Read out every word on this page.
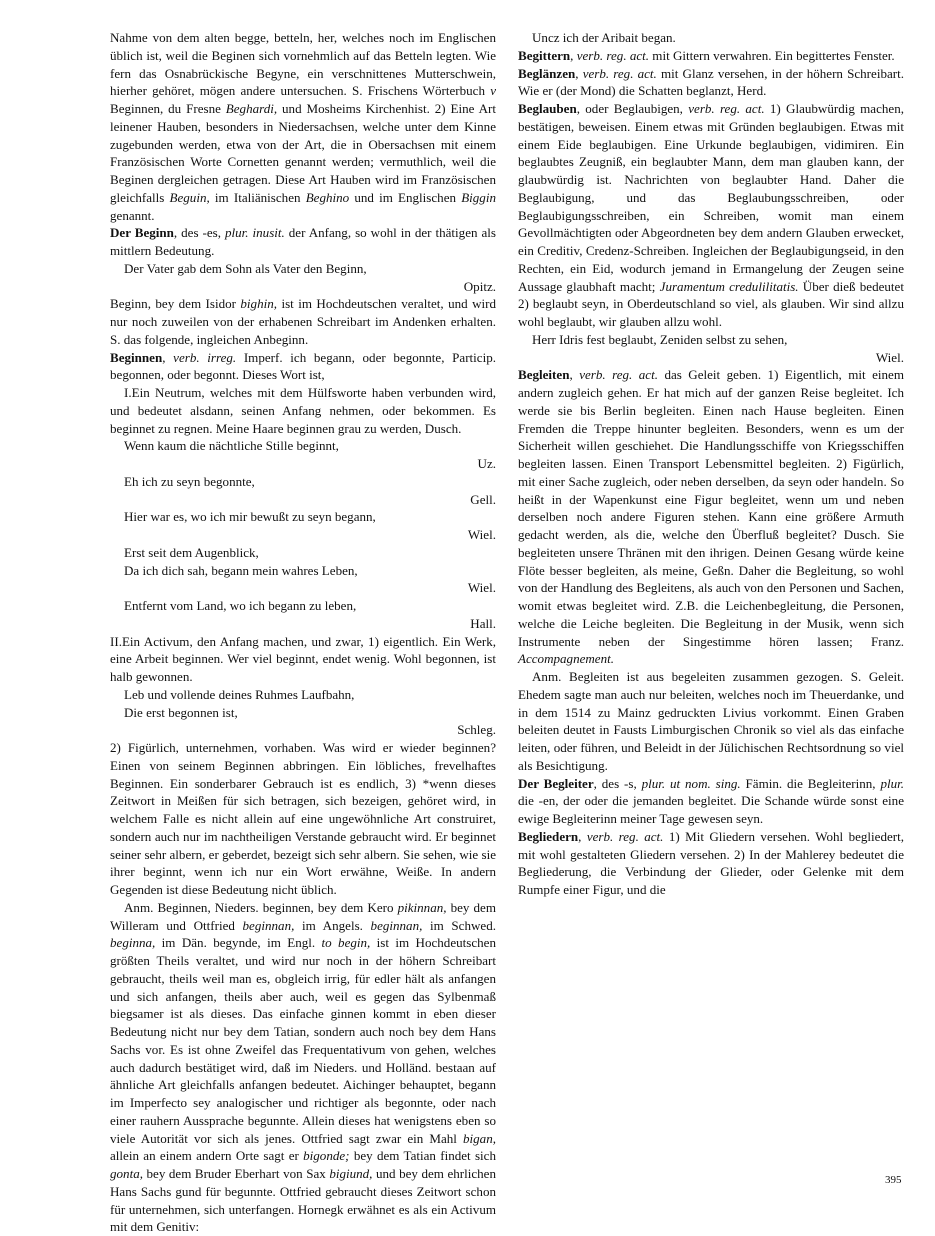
Nahme von dem alten begge, betteln, her, welches noch im Englischen üblich ist, weil die Beginen sich vornehmlich auf das Betteln legten. Wie fern das Osnabrückische Begyne, ein verschnittenes Mutterschwein, hierher gehöret, mögen andere untersuchen. S. Frischens Wörterbuch v Beginnen, du Fresne Beghardi, und Mosheims Kirchenhist. 2) Eine Art leinener Hauben, besonders in Niedersachsen, welche unter dem Kinne zugebunden werden, etwa von der Art, die in Obersachsen mit einem Französischen Worte Cornetten genannt werden; vermuthlich, weil die Beginen dergleichen getragen. Diese Art Hauben wird im Französischen gleichfalls Beguin, im Italiänischen Beghino und im Englischen Biggin genannt.

Der Beginn, des -es, plur. inusit. der Anfang, so wohl in der thätigen als mittlern Bedeutung.

Der Vater gab dem Sohn als Vater den Beginn,
Opitz.

Beginn, bey dem Isidor bighin, ist im Hochdeutschen veraltet, und wird nur noch zuweilen von der erhabenen Schreibart im Andenken erhalten. S. das folgende, ingleichen Anbeginn.

Beginnen, verb. irreg. Imperf. ich begann, oder begonnte, Particip. begonnen, oder begonnt. Dieses Wort ist,

I.Ein Neutrum, welches mit dem Hülfsworte haben verbunden wird, und bedeutet alsdann, seinen Anfang nehmen, oder bekommen. Es beginnet zu regnen. Meine Haare beginnen grau zu werden, Dusch.

Wenn kaum die nächtliche Stille beginnt,
Uz.
Eh ich zu seyn begonnte,
Gell.
Hier war es, wo ich mir bewußt zu seyn begann,
Wiel.
Erst seit dem Augenblick,
Da ich dich sah, begann mein wahres Leben,
Wiel.
Entfernt vom Land, wo ich begann zu leben,
Hall.

II.Ein Activum, den Anfang machen, und zwar, 1) eigentlich. Ein Werk, eine Arbeit beginnen. Wer viel beginnt, endet wenig. Wohl begonnen, ist halb gewonnen.

Leb und vollende deines Ruhmes Laufbahn,
Die erst begonnen ist,
Schleg.

2) Figürlich, unternehmen, vorhaben. Was wird er wieder beginnen? Einen von seinem Beginnen abbringen. Ein löbliches, frevelhaftes Beginnen. Ein sonderbarer Gebrauch ist es endlich, 3) *wenn dieses Zeitwort in Meißen für sich betragen, sich bezeigen, gehöret wird, in welchem Falle es nicht allein auf eine ungewöhnliche Art construiret, sondern auch nur im nachtheiligen Verstande gebraucht wird. Er beginnet seiner sehr albern, er geberdet, bezeigt sich sehr albern. Sie sehen, wie sie ihrer beginnt, wenn ich nur ein Wort erwähne, Weiße. In andern Gegenden ist diese Bedeutung nicht üblich.

Anm. Beginnen, Nieders. beginnen, bey dem Kero pikinnan, bey dem Willeram und Ottfried beginnan, im Angels. beginnan, im Schwed. beginna, im Dän. begynde, im Engl. to begin, ist im Hochdeutschen größten Theils veraltet, und wird nur noch in der höhern Schreibart gebraucht, theils weil man es, obgleich irrig, für edler hält als anfangen und sich anfangen, theils aber auch, weil es gegen das Sylbenmaß biegsamer ist als dieses. Das einfache ginnen kommt in eben dieser Bedeutung nicht nur bey dem Tatian, sondern auch noch bey dem Hans Sachs vor. Es ist ohne Zweifel das Frequentativum von gehen, welches auch dadurch bestätiget wird, daß im Nieders. und Holländ. bestaan auf ähnliche Art gleichfalls anfangen bedeutet. Aichinger behauptet, begann im Imperfecto sey analogischer und richtiger als begonnte, oder nach einer rauhern Aussprache begunnte. Allein dieses hat wenigstens eben so viele Autorität vor sich als jenes. Ottfried sagt zwar ein Mahl bigan, allein an einem andern Orte sagt er bigonde; bey dem Tatian findet sich gonta, bey dem Bruder Eberhart von Sax bigiund, und bey dem ehrlichen Hans Sachs gund für begunnte. Ottfried gebraucht dieses Zeitwort schon für unternehmen, sich unterfangen. Hornegk erwähnet es als ein Activum mit dem Genitiv:

Uncz ich der Aribait began.

Begittern, verb. reg. act. mit Gittern verwahren. Ein begittertes Fenster.

Beglänzen, verb. reg. act. mit Glanz versehen, in der höhern Schreibart. Wie er (der Mond) die Schatten beglanzt, Herd.

Beglauben, oder Beglaubigen, verb. reg. act. 1) Glaubwürdig machen, bestätigen, beweisen. Einem etwas mit Gründen beglaubigen. Etwas mit einem Eide beglaubigen. Eine Urkunde beglaubigen, vidimiren. Ein beglaubtes Zeugniß, ein beglaubter Mann, dem man glauben kann, der glaubwürdig ist. Nachrichten von beglaubter Hand. Daher die Beglaubigung, und das Beglaubungsschreiben, oder Beglaubigungsschreiben, ein Schreiben, womit man einem Gevollmächtigten oder Abgeordneten bey dem andern Glauben erwecket, ein Creditiv, Credenz-Schreiben. Ingleichen der Beglaubigungseid, in den Rechten, ein Eid, wodurch jemand in Ermangelung der Zeugen seine Aussage glaubhaft macht; Juramentum credulilitatis. Über dieß bedeutet 2) beglaubt seyn, in Oberdeutschland so viel, als glauben. Wir sind allzu wohl beglaubt, wir glauben allzu wohl.

Herr Idris fest beglaubt, Zeniden selbst zu sehen,
Wiel.

Begleiten, verb. reg. act. das Geleit geben. 1) Eigentlich, mit einem andern zugleich gehen. Er hat mich auf der ganzen Reise begleitet. Ich werde sie bis Berlin begleiten. Einen nach Hause begleiten. Einen Fremden die Treppe hinunter begleiten. Besonders, wenn es um der Sicherheit willen geschiehet. Die Handlungsschiffe von Kriegsschiffen begleiten lassen. Einen Transport Lebensmittel begleiten. 2) Figürlich, mit einer Sache zugleich, oder neben derselben, da seyn oder handeln. So heißt in der Wapenkunst eine Figur begleitet, wenn um und neben derselben noch andere Figuren stehen. Kann eine größere Armuth gedacht werden, als die, welche den Überfluß begleitet? Dusch. Sie begleiteten unsere Thränen mit den ihrigen. Deinen Gesang würde keine Flöte besser begleiten, als meine, Geßn. Daher die Begleitung, so wohl von der Handlung des Begleitens, als auch von den Personen und Sachen, womit etwas begleitet wird. Z.B. die Leichenbegleitung, die Personen, welche die Leiche begleiten. Die Begleitung in der Musik, wenn sich Instrumente neben der Singestimme hören lassen; Franz. Accompagnement.

Anm. Begleiten ist aus begeleiten zusammen gezogen. S. Geleit. Ehedem sagte man auch nur beleiten, welches noch im Theuerdanke, und in dem 1514 zu Mainz gedruckten Livius vorkommt. Einen Graben beleiten deutet in Fausts Limburgischen Chronik so viel als das einfache leiten, oder führen, und Beleidt in der Jülichischen Rechtsordnung so viel als Besichtigung.

Der Begleiter, des -s, plur. ut nom. sing. Fämin. die Begleiterinn, plur. die -en, der oder die jemanden begleitet. Die Schande würde sonst eine ewige Begleiterinn meiner Tage gewesen seyn.

Begliedern, verb. reg. act. 1) Mit Gliedern versehen. Wohl begliedert, mit wohl gestalteten Gliedern versehen. 2) In der Mahlerey bedeutet die Begliederung, die Verbindung der Glieder, oder Gelenke mit dem Rumpfe einer Figur, und die

395
